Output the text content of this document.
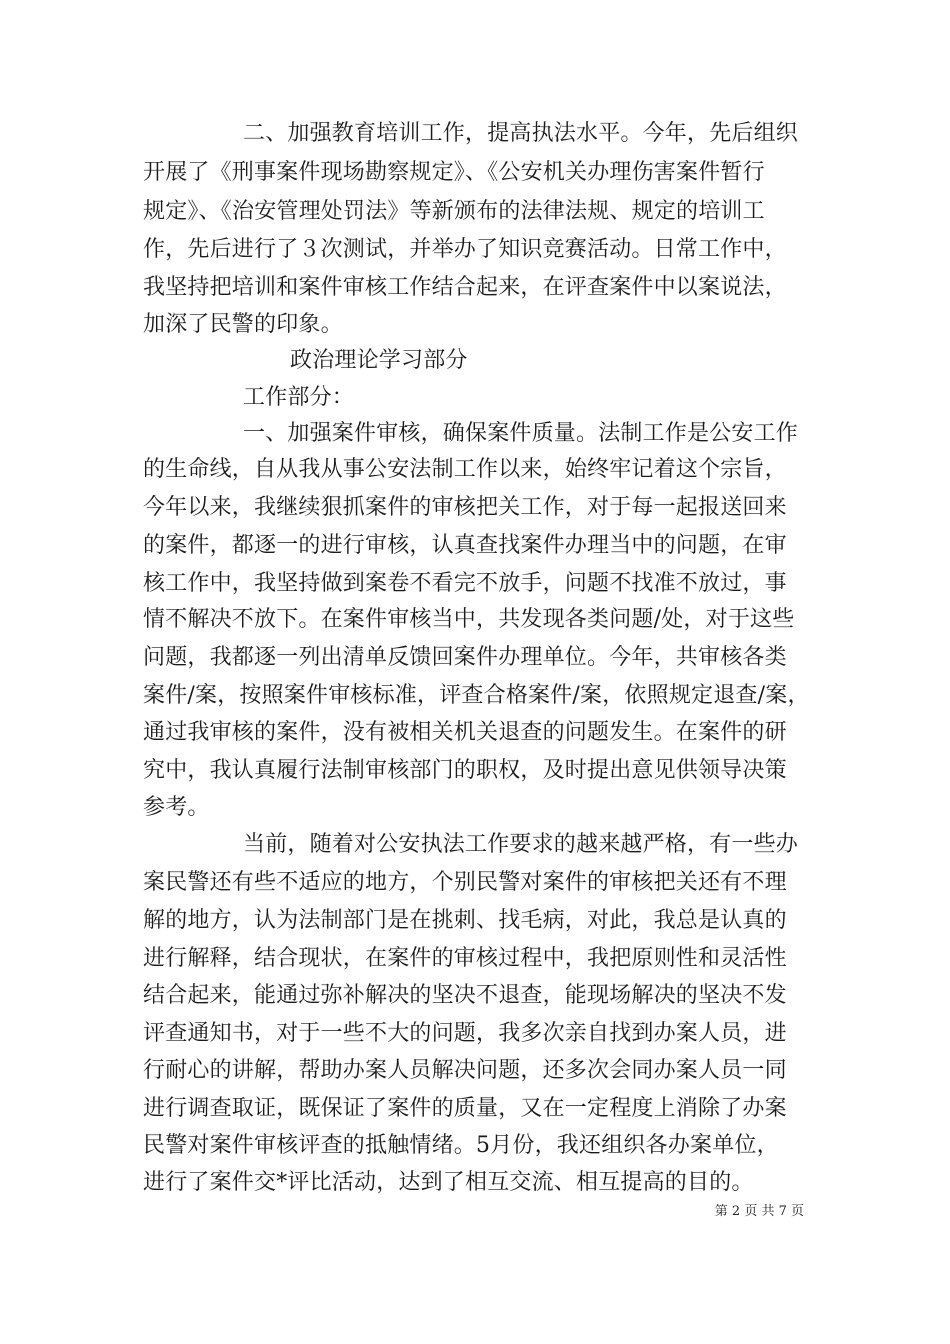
二、加强教育培训工作，提高执法水平。今年，先后组织
开展了《刑事案件现场勘察规定》、《公安机关办理伤害案件暂行
规定》、《治安管理处罚法》等新颁布的法律法规、规定的培训工
作，先后进行了３次测试，并举办了知识竞赛活动。日常工作中，
我坚持把培训和案件审核工作结合起来，在评查案件中以案说法，
加深了民警的印象。
政治理论学习部分
工作部分：
一、加强案件审核，确保案件质量。法制工作是公安工作
的生命线，自从我从事公安法制工作以来，始终牢记着这个宗旨，
今年以来，我继续狠抓案件的审核把关工作，对于每一起报送回来
的案件，都逐一的进行审核，认真查找案件办理当中的问题，在审
核工作中，我坚持做到案卷不看完不放手，问题不找准不放过，事
情不解决不放下。在案件审核当中，共发现各类问题/处，对于这些
问题，我都逐一列出清单反馈回案件办理单位。今年，共审核各类
案件/案，按照案件审核标准，评查合格案件/案，依照规定退查/案，
通过我审核的案件，没有被相关机关退查的问题发生。在案件的研
究中，我认真履行法制审核部门的职权，及时提出意见供领导决策
参考。
当前，随着对公安执法工作要求的越来越严格，有一些办
案民警还有些不适应的地方，个别民警对案件的审核把关还有不理
解的地方，认为法制部门是在挑刺、找毛病，对此，我总是认真的
进行解释，结合现状，在案件的审核过程中，我把原则性和灵活性
结合起来，能通过弥补解决的坚决不退查，能现场解决的坚决不发
评查通知书，对于一些不大的问题，我多次亲自找到办案人员，进
行耐心的讲解，帮助办案人员解决问题，还多次会同办案人员一同
进行调查取证，既保证了案件的质量，又在一定程度上消除了办案
民警对案件审核评查的抵触情绪。5月份，我还组织各办案单位，
进行了案件交*评比活动，达到了相互交流、相互提高的目的。
第 2 页 共 7 页
